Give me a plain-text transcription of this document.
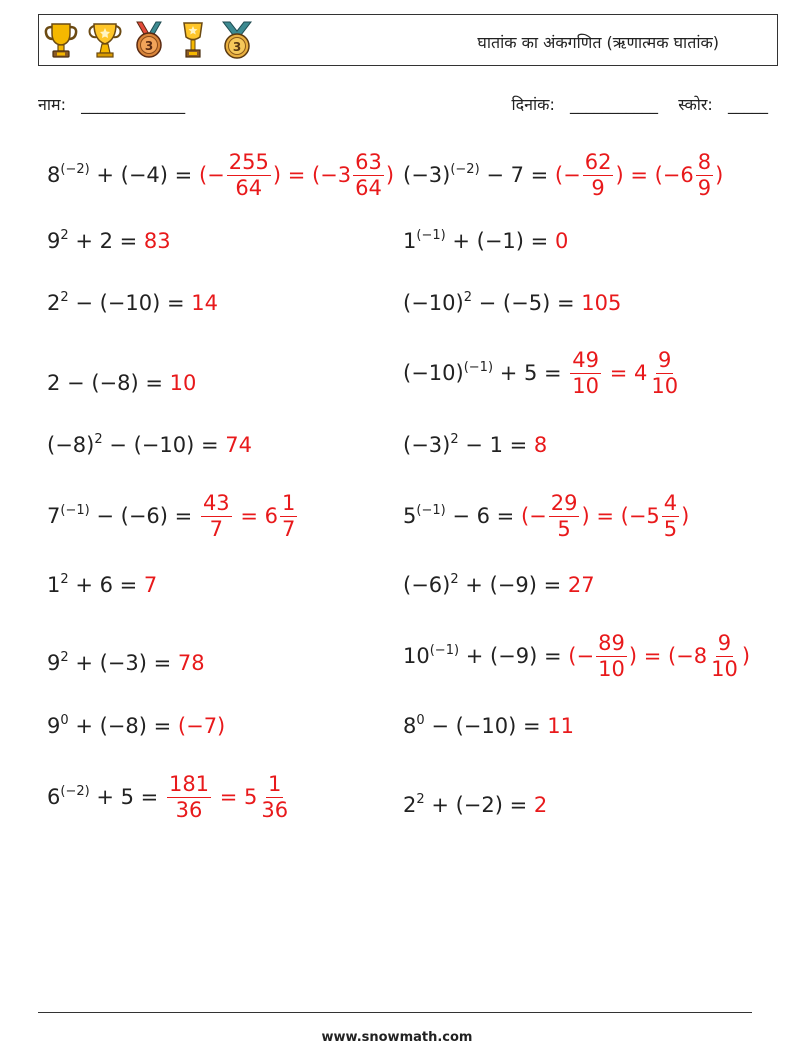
3	3	घातांक का अंकगणित (ऋणात्मक घातांक)
नाम: _____________	दिनांक: ___________ स्कोर: _____
$8^{(-2)} + (-4)$ = (− $\frac{255}{64}$ ) = ($-3 \frac{63}{64}$ )
$9^2 + 2 = 83$
$2^2 - (-10) = 14$
2 − (−8) = 10
$(-8)^2 - (-10) = 74$
$7^{(-1)} - (-6) = \frac{43}{7} = 6 \frac{1}{7}$
$1^2 + 6 = 7$
$9^2 + (-3) = 78$
$9^0 + (-8) = (-7)$
$6^{(-2)} + 5 = \frac{181}{36} = 5 \frac{1}{36}$
$(-3)^{(-2)} - 7$ = (− $\frac{62}{9}$ ) = ($-6 \frac{8}{9}$ )
$1^{(-1)} + (-1) = 0$
$(-10)^2 - (-5) = 105$
$(-10)^{(-1)} + 5 = \frac{49}{10} = 4 \frac{9}{10}$
$(-3)^2 - 1 = 8$
$5^{(-1)} - 6$ = (− $\frac{29}{5}$ ) = ($-5 \frac{4}{5}$ )
$(-6)^2 + (-9) = 27$
$10^{(-1)} + (-9)$ = (− $\frac{89}{10}$ ) = ($-8 \frac{9}{10}$ )
$8^0 - (-10) = 11$
$2^2 + (-2) = 2$
www.snowmath.com
